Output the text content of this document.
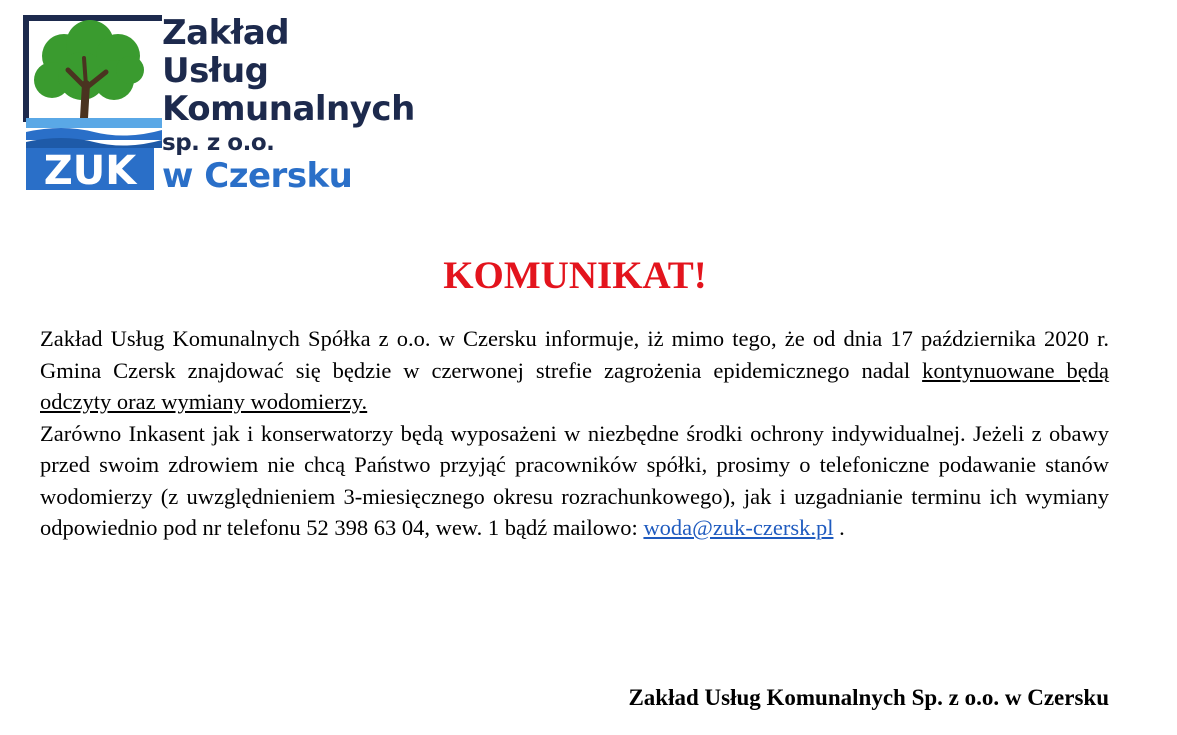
ZUK
Zakład
Usług
Komunalnych
sp. z o.o.
w Czersku
KOMUNIKAT!

Zakład Usług Komunalnych Spółka z o.o. w Czersku informuje, iż mimo tego, że od dnia 17 października 2020 r. Gmina Czersk znajdować się będzie w czerwonej strefie zagrożenia epidemicznego nadal kontynuowane będą odczyty oraz wymiany wodomierzy.

Zarówno Inkasent jak i konserwatorzy będą wyposażeni w niezbędne środki ochrony indywidualnej. Jeżeli z obawy przed swoim zdrowiem nie chcą Państwo przyjąć pracowników spółki, prosimy o telefoniczne podawanie stanów wodomierzy (z uwzględnieniem 3-miesięcznego okresu rozrachunkowego), jak i uzgadnianie terminu ich wymiany odpowiednio pod nr telefonu 52 398 63 04, wew. 1 bądź mailowo: woda@zuk-czersk.pl .

Zakład Usług Komunalnych Sp. z o.o. w Czersku
